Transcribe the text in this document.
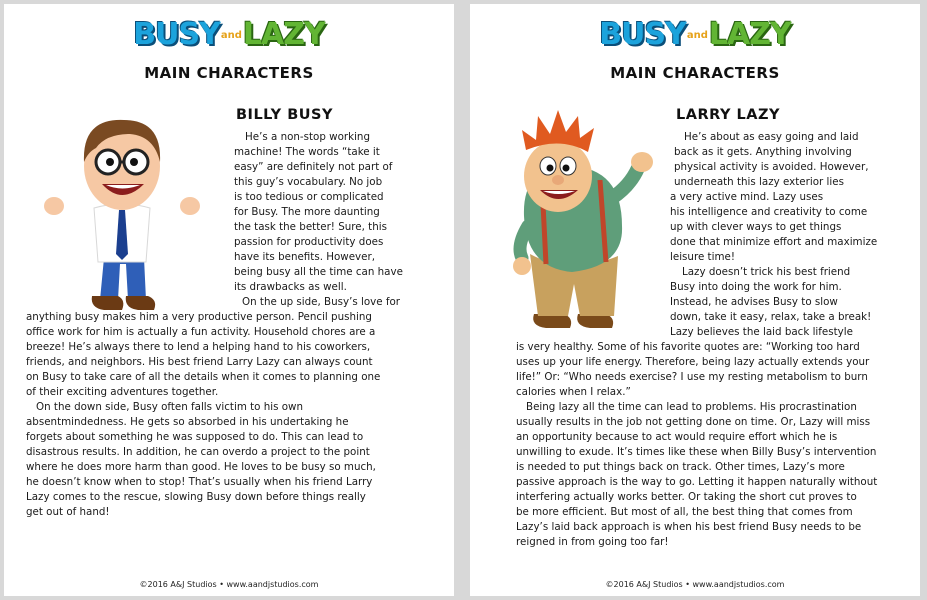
BUSYandLAZY
MAIN CHARACTERS
BILLY BUSY
He’s a non-stop working
machine! The words “take it
easy” are definitely not part of
this guy’s vocabulary. No job
is too tedious or complicated
for Busy. The more daunting
the task the better! Sure, this
passion for productivity does
have its benefits. However,
being busy all the time can have
its drawbacks as well.
On the up side, Busy’s love for
anything busy makes him a very productive person. Pencil pushing
office work for him is actually a fun activity. Household chores are a
breeze! He’s always there to lend a helping hand to his coworkers,
friends, and neighbors. His best friend Larry Lazy can always count
on Busy to take care of all the details when it comes to planning one
of their exciting adventures together.
On the down side, Busy often falls victim to his own
absentmindedness. He gets so absorbed in his undertaking he
forgets about something he was supposed to do. This can lead to
disastrous results. In addition, he can overdo a project to the point
where he does more harm than good. He loves to be busy so much,
he doesn’t know when to stop! That’s usually when his friend Larry
Lazy comes to the rescue, slowing Busy down before things really
get out of hand!
©2016 A&J Studios • www.aandjstudios.com
BUSYandLAZY
MAIN CHARACTERS
LARRY LAZY
He’s about as easy going and laid
back as it gets. Anything involving
physical activity is avoided. However,
underneath this lazy exterior lies
a very active mind. Lazy uses
his intelligence and creativity to come
up with clever ways to get things
done that minimize effort and maximize
leisure time!
Lazy doesn’t trick his best friend
Busy into doing the work for him.
Instead, he advises Busy to slow
down, take it easy, relax, take a break!
Lazy believes the laid back lifestyle
is very healthy. Some of his favorite quotes are: “Working too hard
uses up your life energy. Therefore, being lazy actually extends your
life!” Or: “Who needs exercise? I use my resting metabolism to burn
calories when I relax.”
Being lazy all the time can lead to problems. His procrastination
usually results in the job not getting done on time. Or, Lazy will miss
an opportunity because to act would require effort which he is
unwilling to exude. It’s times like these when Billy Busy’s intervention
is needed to put things back on track. Other times, Lazy’s more
passive approach is the way to go. Letting it happen naturally without
interfering actually works better. Or taking the short cut proves to
be more efficient. But most of all, the best thing that comes from
Lazy’s laid back approach is when his best friend Busy needs to be
reigned in from going too far!
©2016 A&J Studios • www.aandjstudios.com
